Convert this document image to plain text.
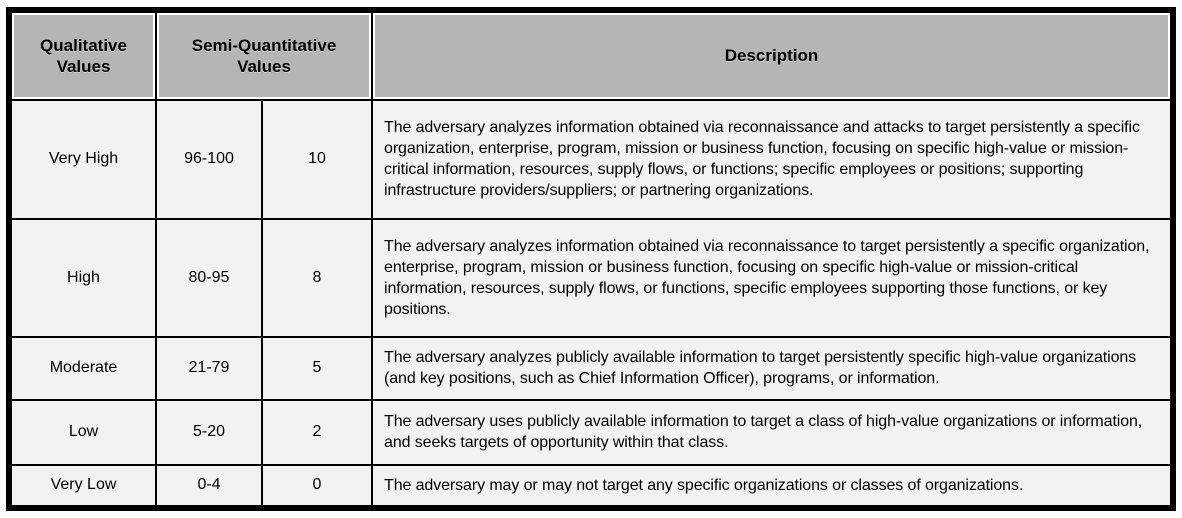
Qualitative Values	Semi-Quantitative Values		Description
Very High	96-100	10	The adversary analyzes information obtained via reconnaissance and attacks to target persistently a specific organization, enterprise, program, mission or business function, focusing on specific high-value or mission-critical information, resources, supply flows, or functions; specific employees or positions; supporting infrastructure providers/suppliers; or partnering organizations.
High	80-95	8	The adversary analyzes information obtained via reconnaissance to target persistently a specific organization, enterprise, program, mission or business function, focusing on specific high-value or mission-critical information, resources, supply flows, or functions, specific employees supporting those functions, or key positions.
Moderate	21-79	5	The adversary analyzes publicly available information to target persistently specific high-value organizations (and key positions, such as Chief Information Officer), programs, or information.
Low	5-20	2	The adversary uses publicly available information to target a class of high-value organizations or information, and seeks targets of opportunity within that class.
Very Low	0-4	0	The adversary may or may not target any specific organizations or classes of organizations.
